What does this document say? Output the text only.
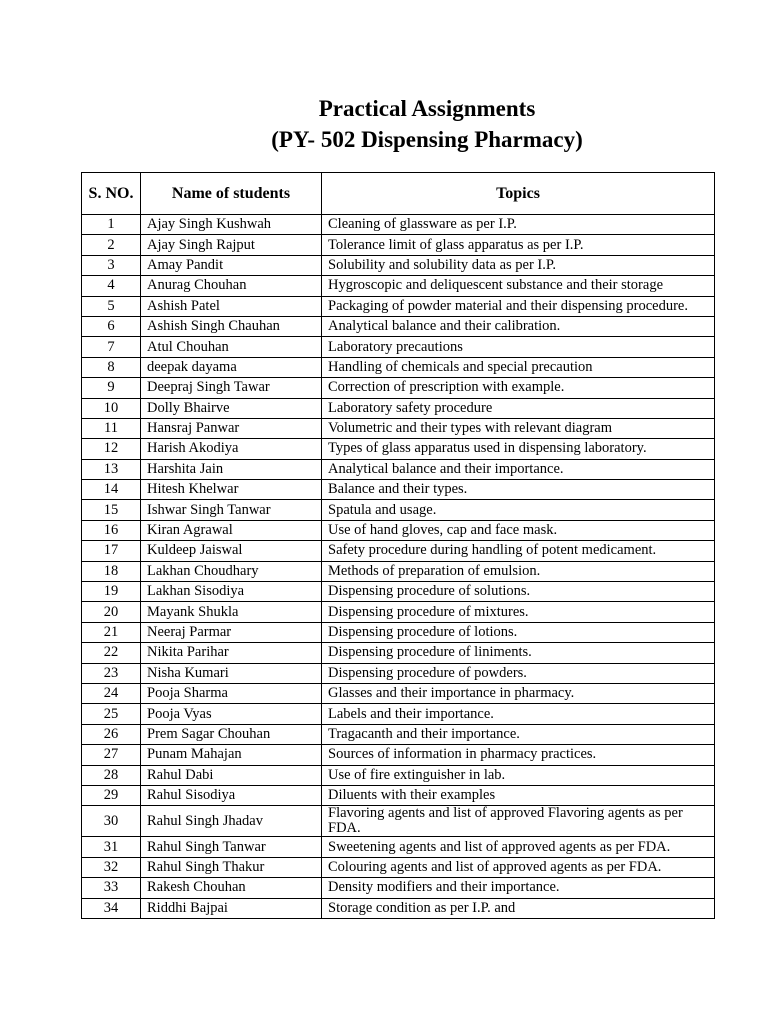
Practical Assignments
(PY- 502 Dispensing Pharmacy)
S. NO.	Name of students	Topics
1	Ajay Singh Kushwah	Cleaning of glassware as per I.P.
2	Ajay Singh Rajput	Tolerance limit of glass apparatus as per I.P.
3	Amay Pandit	Solubility and solubility data as per I.P.
4	Anurag Chouhan	Hygroscopic and deliquescent substance and their storage
5	Ashish Patel	Packaging of powder material and their dispensing procedure.
6	Ashish Singh Chauhan	Analytical balance and their calibration.
7	Atul Chouhan	Laboratory precautions
8	deepak dayama	Handling of chemicals and special precaution
9	Deepraj Singh Tawar	Correction of prescription with example.
10	Dolly Bhairve	Laboratory safety procedure
11	Hansraj Panwar	Volumetric and their types with relevant diagram
12	Harish Akodiya	Types of glass apparatus used in dispensing laboratory.
13	Harshita Jain	Analytical balance and their importance.
14	Hitesh Khelwar	Balance and their types.
15	Ishwar Singh Tanwar	Spatula and usage.
16	Kiran Agrawal	Use of hand gloves, cap and face mask.
17	Kuldeep Jaiswal	Safety procedure during handling of potent medicament.
18	Lakhan Choudhary	Methods of preparation of emulsion.
19	Lakhan Sisodiya	Dispensing procedure of solutions.
20	Mayank Shukla	Dispensing procedure of mixtures.
21	Neeraj Parmar	Dispensing procedure of lotions.
22	Nikita Parihar	Dispensing procedure of liniments.
23	Nisha Kumari	Dispensing procedure of powders.
24	Pooja Sharma	Glasses and their importance in pharmacy.
25	Pooja Vyas	Labels and their importance.
26	Prem Sagar Chouhan	Tragacanth and their importance.
27	Punam Mahajan	Sources of information in pharmacy practices.
28	Rahul Dabi	Use of fire extinguisher in lab.
29	Rahul Sisodiya	Diluents with their examples
30	Rahul Singh Jhadav	Flavoring agents and list of approved Flavoring agents as per FDA.
31	Rahul Singh Tanwar	Sweetening agents and list of approved agents as per FDA.
32	Rahul Singh Thakur	Colouring agents and list of approved agents as per FDA.
33	Rakesh Chouhan	Density modifiers and their importance.
34	Riddhi Bajpai	Storage condition as per I.P. and
